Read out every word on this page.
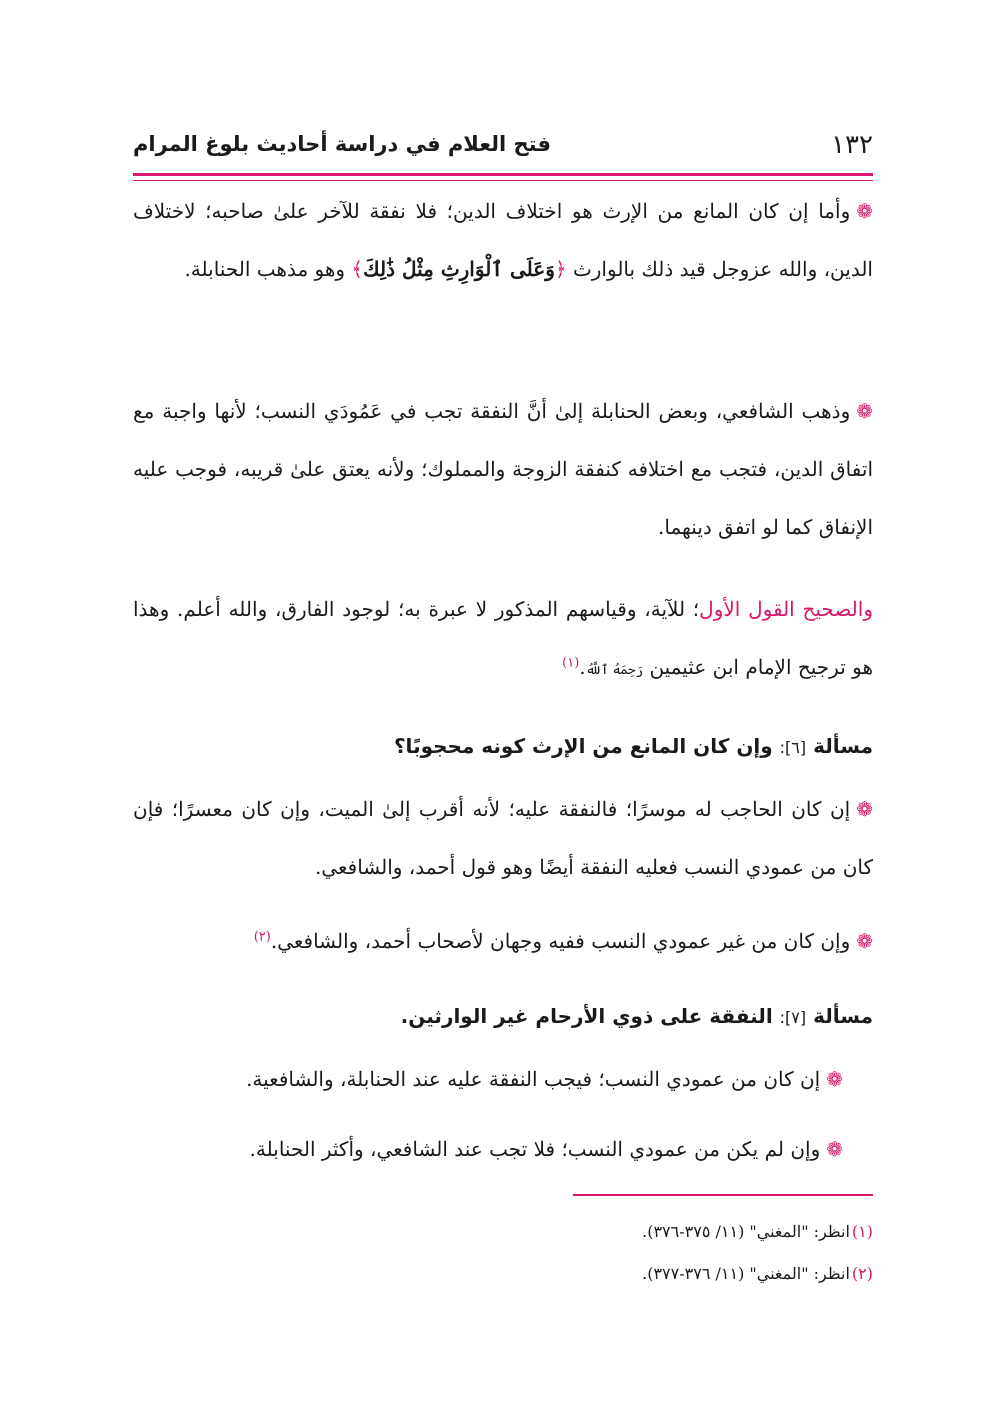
١٣٢
فتح العلام في دراسة أحاديث بلوغ المرام
❁وأما إن كان المانع من الإرث هو اختلاف الدين؛ فلا نفقة للآخر علىٰ صاحبه؛ لاختلاف الدين، والله عزوجل قيد ذلك بالوارث ﴿وَعَلَى ٱلْوَارِثِ مِثْلُ ذَٰلِكَ﴾ وهو مذهب الحنابلة.
❁وذهب الشافعي، وبعض الحنابلة إلىٰ أنَّ النفقة تجب في عَمُودَي النسب؛ لأنها واجبة مع اتفاق الدين، فتجب مع اختلافه كنفقة الزوجة والمملوك؛ ولأنه يعتق علىٰ قريبه، فوجب عليه الإنفاق كما لو اتفق دينهما.
والصحيح القول الأول؛ للآية، وقياسهم المذكور لا عبرة به؛ لوجود الفارق، والله أعلم. وهذا هو ترجيح الإمام ابن عثيمين رَحِمَهُ ٱللَّهُ.$^{(١)}$
مسألة [٦]: وإن كان المانع من الإرث كونه محجوبًا؟
❁إن كان الحاجب له موسرًا؛ فالنفقة عليه؛ لأنه أقرب إلىٰ الميت، وإن كان معسرًا؛ فإن كان من عمودي النسب فعليه النفقة أيضًا وهو قول أحمد، والشافعي.
❁وإن كان من غير عمودي النسب ففيه وجهان لأصحاب أحمد، والشافعي.$^{(٢)}$
مسألة [٧]: النفقة على ذوي الأرحام غير الوارثين.
❁إن كان من عمودي النسب؛ فيجب النفقة عليه عند الحنابلة، والشافعية.
❁وإن لم يكن من عمودي النسب؛ فلا تجب عند الشافعي، وأكثر الحنابلة.
(١)انظر: "المغني" (١١/ ٣٧٥-٣٧٦).
(٢)انظر: "المغني" (١١/ ٣٧٦-٣٧٧).
